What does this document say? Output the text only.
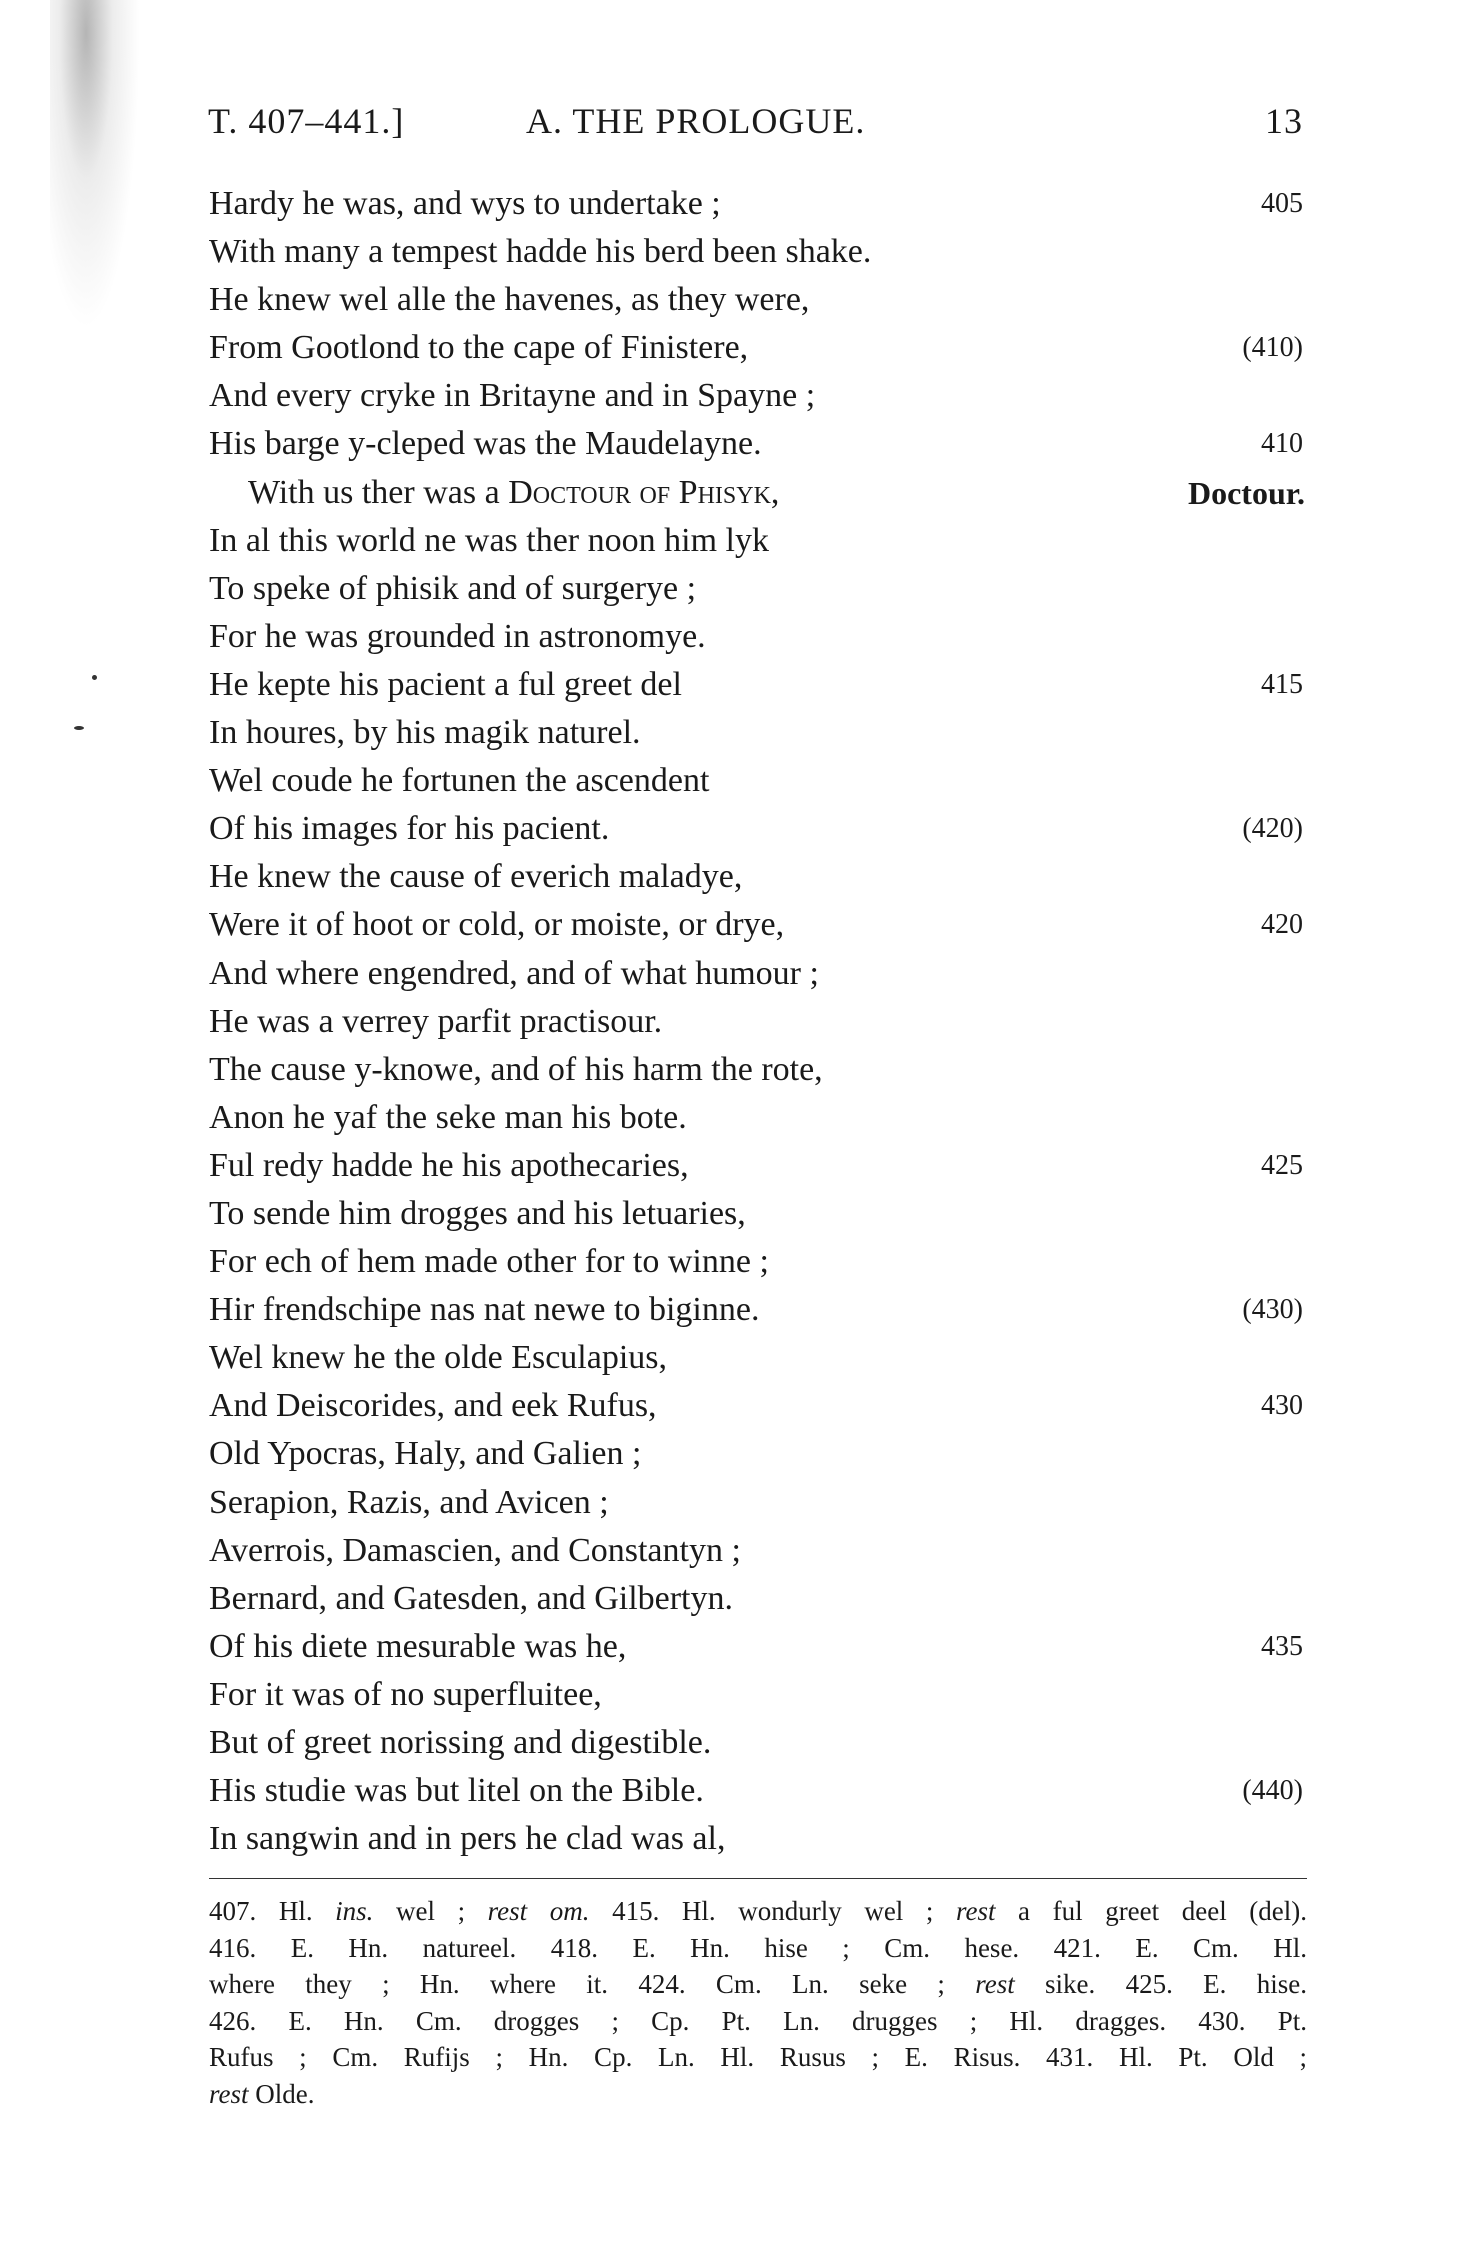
T. 407–441.]	A. THE PROLOGUE.	13
Hardy he was, and wys to undertake ;	405
With many a tempest hadde his berd been shake.
He knew wel alle the havenes, as they were,
From Gootlond to the cape of Finistere,	(410)
And every cryke in Britayne and in Spayne ;
His barge y-cleped was the Maudelayne.	410
With us ther was a Doctour of Phisyk,	Doctour.
In al this world ne was ther noon him lyk
To speke of phisik and of surgerye ;
For he was grounded in astronomye.
He kepte his pacient a ful greet del	415
In houres, by his magik naturel.
Wel coude he fortunen the ascendent
Of his images for his pacient.	(420)
He knew the cause of everich maladye,
Were it of hoot or cold, or moiste, or drye,	420
And where engendred, and of what humour ;
He was a verrey parfit practisour.
The cause y-knowe, and of his harm the rote,
Anon he yaf the seke man his bote.
Ful redy hadde he his apothecaries,	425
To sende him drogges and his letuaries,
For ech of hem made other for to winne ;
Hir frendschipe nas nat newe to biginne.	(430)
Wel knew he the olde Esculapius,
And Deiscorides, and eek Rufus,	430
Old Ypocras, Haly, and Galien ;
Serapion, Razis, and Avicen ;
Averrois, Damascien, and Constantyn ;
Bernard, and Gatesden, and Gilbertyn.
Of his diete mesurable was he,	435
For it was of no superfluitee,
But of greet norissing and digestible.
His studie was but litel on the Bible.	(440)
In sangwin and in pers he clad was al,
407. Hl. ins. wel ; rest om. 415. Hl. wondurly wel ; rest a ful greet deel (del).
416. E. Hn. natureel. 418. E. Hn. hise ; Cm. hese. 421. E. Cm. Hl.
where they ; Hn. where it. 424. Cm. Ln. seke ; rest sike. 425. E. hise.
426. E. Hn. Cm. drogges ; Cp. Pt. Ln. drugges ; Hl. dragges. 430. Pt.
Rufus ; Cm. Rufijs ; Hn. Cp. Ln. Hl. Rusus ; E. Risus. 431. Hl. Pt. Old ;
rest Olde.
